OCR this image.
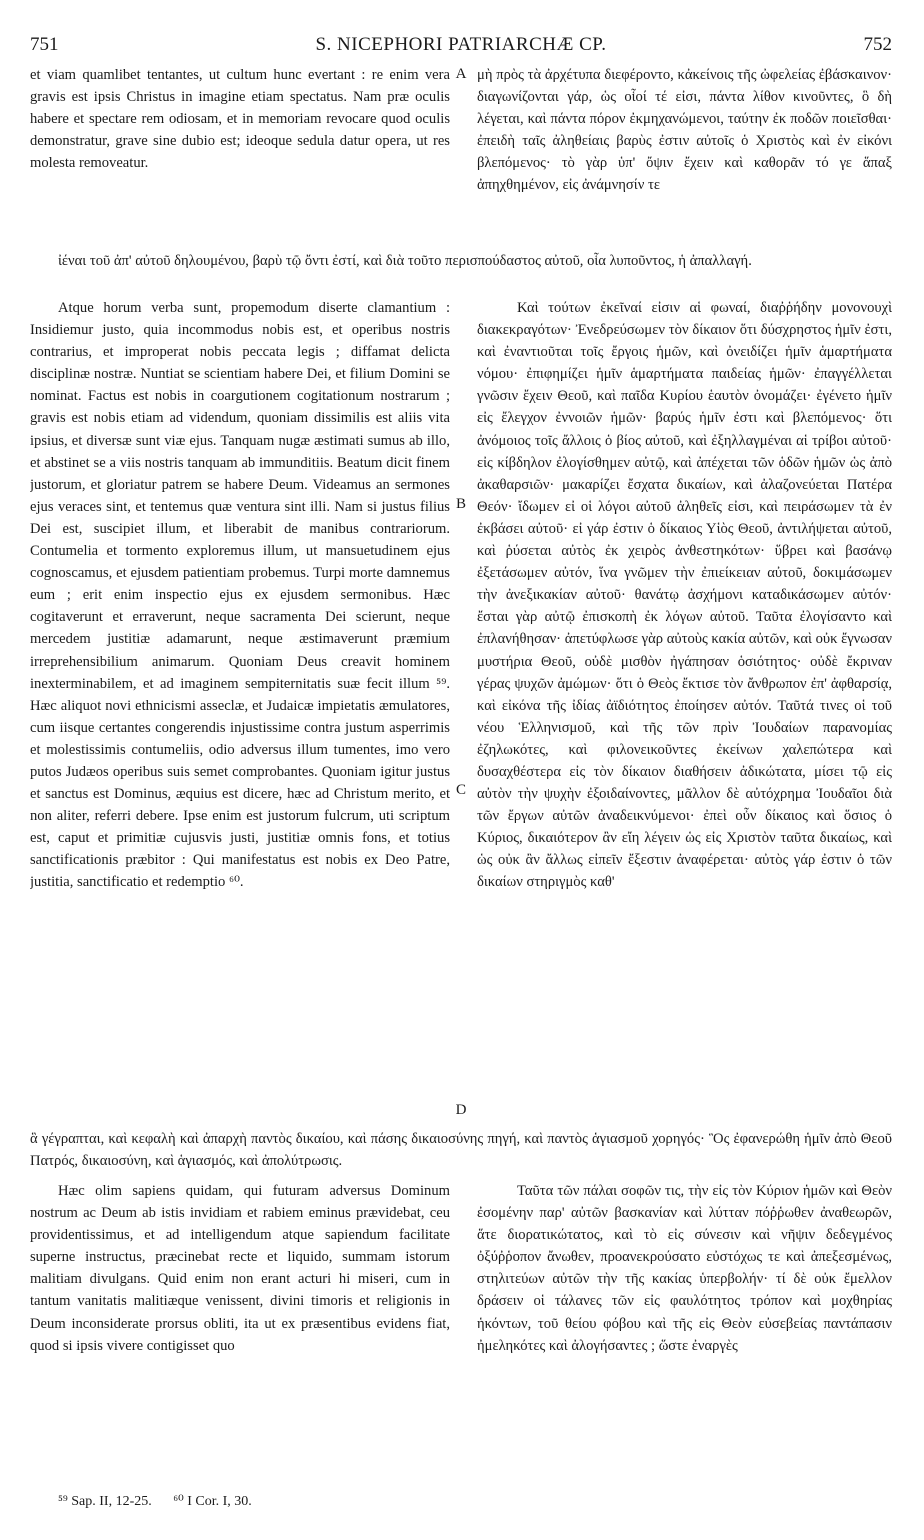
751	S. NICEPHORI PATRIARCHÆ CP.	752

et viam quamlibet tentantes, ut cultum hunc evertant : re enim vera gravis est ipsis Christus in imagine etiam spectatus. Nam præ oculis habere et spectare rem odiosam, et in memoriam revocare quod oculis demonstratur, grave sine dubio est; ideoque sedula datur opera, ut res molesta removeatur.

μὴ πρὸς τὰ ἀρχέτυπα διεφέροντο, κἀκείνοις τῆς ὠφελείας ἐβάσκαινον· διαγωνίζονται γάρ, ὡς οἷοί τέ εἰσι, πάντα λίθον κινοῦντες, ὃ δὴ λέγεται, καὶ πάντα πόρον ἐκμηχανώμενοι, ταύτην ἐκ ποδῶν ποιεῖσθαι· ἐπειδὴ ταῖς ἀληθείαις βαρὺς ἐστιν αὐτοῖς ὁ Χριστὸς καὶ ἐν εἰκόνι βλεπόμενος· τὸ γὰρ ὑπ' ὄψιν ἔχειν καὶ καθορᾶν τό γε ἅπαξ ἀπηχθημένον, εἰς ἀνάμνησίν τε

A

ἰέναι τοῦ ἀπ' αὐτοῦ δηλουμένου, βαρὺ τῷ ὄντι ἐστί, καὶ διὰ τοῦτο περισπούδαστος αὐτοῦ, οἷα λυποῦντος, ἡ ἀπαλλαγή.

Atque horum verba sunt, propemodum diserte clamantium : Insidiemur justo, quia incommodus nobis est, et operibus nostris contrarius, et improperat nobis peccata legis ; diffamat delicta disciplinæ nostræ. Nuntiat se scientiam habere Dei, et filium Domini se nominat. Factus est nobis in coargutionem cogitationum nostrarum ; gravis est nobis etiam ad videndum, quoniam dissimilis est aliis vita ipsius, et diversæ sunt viæ ejus. Tanquam nugæ æstimati sumus ab illo, et abstinet se a viis nostris tanquam ab immunditiis. Beatum dicit finem justorum, et gloriatur patrem se habere Deum. Videamus an sermones ejus veraces sint, et tentemus quæ ventura sint illi. Nam si justus filius Dei est, suscipiet illum, et liberabit de manibus contrariorum. Contumelia et tormento exploremus illum, ut mansuetudinem ejus cognoscamus, et ejusdem patientiam probemus. Turpi morte damnemus eum ; erit enim inspectio ejus ex ejusdem sermonibus. Hæc cogitaverunt et erraverunt, neque sacramenta Dei scierunt, neque mercedem justitiæ adamarunt, neque æstimaverunt præmium irreprehensibilium animarum. Quoniam Deus creavit hominem inexterminabilem, et ad imaginem sempiternitatis suæ fecit illum ⁵⁹. Hæc aliquot novi ethnicismi asseclæ, et Judaicæ impietatis æmulatores, cum iisque certantes congerendis injustissime contra justum asperrimis et molestissimis contumeliis, odio adversus illum tumentes, imo vero putos Judæos operibus suis semet comprobantes. Quoniam igitur justus et sanctus est Dominus, æquius est dicere, hæc ad Christum merito, et non aliter, referri debere. Ipse enim est justorum fulcrum, uti scriptum est, caput et primitiæ cujusvis justi, justitiæ omnis fons, et totius sanctificationis præbitor : Qui manifestatus est nobis ex Deo Patre, justitia, sanctificatio et redemptio ⁶⁰.

Καὶ τούτων ἐκεῖναί εἰσιν αἱ φωναί, διαῤῥήδην μονονουχὶ διακεκραγότων· Ἐνεδρεύσωμεν τὸν δίκαιον ὅτι δύσχρηστος ἡμῖν ἐστι, καὶ ἐναντιοῦται τοῖς ἔργοις ἡμῶν, καὶ ὀνειδίζει ἡμῖν ἁμαρτήματα νόμου· ἐπιφημίζει ἡμῖν ἁμαρτήματα παιδείας ἡμῶν· ἐπαγγέλλεται γνῶσιν ἔχειν Θεοῦ, καὶ παῖδα Κυρίου ἑαυτὸν ὀνομάζει· ἐγένετο ἡμῖν εἰς ἔλεγχον ἐννοιῶν ἡμῶν· βαρύς ἡμῖν ἐστι καὶ βλεπόμενος· ὅτι ἀνόμοιος τοῖς ἄλλοις ὁ βίος αὐτοῦ, καὶ ἐξηλλαγμέναι αἱ τρίβοι αὐτοῦ· εἰς κίβδηλον ἐλογίσθημεν αὐτῷ, καὶ ἀπέχεται τῶν ὁδῶν ἡμῶν ὡς ἀπὸ ἀκαθαρσιῶν· μακαρίζει ἔσχατα δικαίων, καὶ ἀλαζονεύεται Πατέρα Θεόν· ἴδωμεν εἰ οἱ λόγοι αὐτοῦ ἀληθεῖς εἰσι, καὶ πειράσωμεν τὰ ἐν ἐκβάσει αὐτοῦ· εἰ γάρ ἐστιν ὁ δίκαιος Υἱὸς Θεοῦ, ἀντιλήψεται αὐτοῦ, καὶ ῥύσεται αὐτὸς ἐκ χειρὸς ἀνθεστηκότων· ὕβρει καὶ βασάνῳ ἐξετάσωμεν αὐτόν, ἵνα γνῶμεν τὴν ἐπιείκειαν αὐτοῦ, δοκιμάσωμεν τὴν ἀνεξικακίαν αὐτοῦ· θανάτῳ ἀσχήμονι καταδικάσωμεν αὐτόν· ἔσται γὰρ αὐτῷ ἐπισκοπὴ ἐκ λόγων αὐτοῦ. Ταῦτα ἐλογίσαντο καὶ ἐπλανήθησαν· ἀπετύφλωσε γὰρ αὐτοὺς κακία αὐτῶν, καὶ οὐκ ἔγνωσαν μυστήρια Θεοῦ, οὐδὲ μισθὸν ἠγάπησαν ὁσιότητος· οὐδὲ ἔκριναν γέρας ψυχῶν ἀμώμων· ὅτι ὁ Θεὸς ἔκτισε τὸν ἄνθρωπον ἐπ' ἀφθαρσίᾳ, καὶ εἰκόνα τῆς ἰδίας ἀϊδιότητος ἐποίησεν αὐτόν. Ταῦτά τινες οἱ τοῦ νέου Ἑλληνισμοῦ, καὶ τῆς τῶν πρὶν Ἰουδαίων παρανομίας ἐζηλωκότες, καὶ φιλονεικοῦντες ἐκείνων χαλεπώτερα καὶ δυσαχθέστερα εἰς τὸν δίκαιον διαθήσειν ἀδικώτατα, μίσει τῷ εἰς αὐτὸν τὴν ψυχὴν ἐξοιδαίνοντες, μᾶλλον δὲ αὐτόχρημα Ἰουδαῖοι διὰ τῶν ἔργων αὐτῶν ἀναδεικνύμενοι· ἐπεὶ οὖν δίκαιος καὶ ὅσιος ὁ Κύριος, δικαιότερον ἂν εἴη λέγειν ὡς εἰς Χριστὸν ταῦτα δικαίως, καὶ ὡς οὐκ ἂν ἄλλως εἰπεῖν ἔξεστιν ἀναφέρεται· αὐτὸς γάρ ἐστιν ὁ τῶν δικαίων στηριγμὸς καθ'

B
C
D

ἃ γέγραπται, καὶ κεφαλὴ καὶ ἀπαρχὴ παντὸς δικαίου, καὶ πάσης δικαιοσύνης πηγή, καὶ παντὸς ἁγιασμοῦ χορηγός· Ὃς ἐφανερώθη ἡμῖν ἀπὸ Θεοῦ Πατρός, δικαιοσύνη, καὶ ἁγιασμός, καὶ ἀπολύτρωσις.

Hæc olim sapiens quidam, qui futuram adversus Dominum nostrum ac Deum ab istis invidiam et rabiem eminus prævidebat, ceu providentissimus, et ad intelligendum atque sapiendum facilitate superne instructus, præcinebat recte et liquido, summam istorum malitiam divulgans. Quid enim non erant acturi hi miseri, cum in tantum vanitatis malitiæque venissent, divini timoris et religionis in Deum inconsiderate prorsus obliti, ita ut ex præsentibus evidens fiat, quod si ipsis vivere contigisset quo

Ταῦτα τῶν πάλαι σοφῶν τις, τὴν εἰς τὸν Κύριον ἡμῶν καὶ Θεὸν ἐσομένην παρ' αὐτῶν βασκανίαν καὶ λύτταν πόῤῥωθεν ἀναθεωρῶν, ἅτε διορατικώτατος, καὶ τὸ εἰς σύνεσιν καὶ νῆψιν δεδεγμένος ὀξύῤῥοπον ἄνωθεν, προανεκρούσατο εὐστόχως τε καὶ ἀπεξεσμένως, στηλιτεύων αὐτῶν τὴν τῆς κακίας ὑπερβολήν· τί δὲ οὐκ ἔμελλον δράσειν οἱ τάλανες τῶν εἰς φαυλότητος τρόπον καὶ μοχθηρίας ἡκόντων, τοῦ θείου φόβου καὶ τῆς εἰς Θεὸν εὐσεβείας παντάπασιν ἠμεληκότες καὶ ἀλογήσαντες ; ὥστε ἐναργὲς

⁵⁹ Sap. II, 12-25. ⁶⁰ I Cor. I, 30.
